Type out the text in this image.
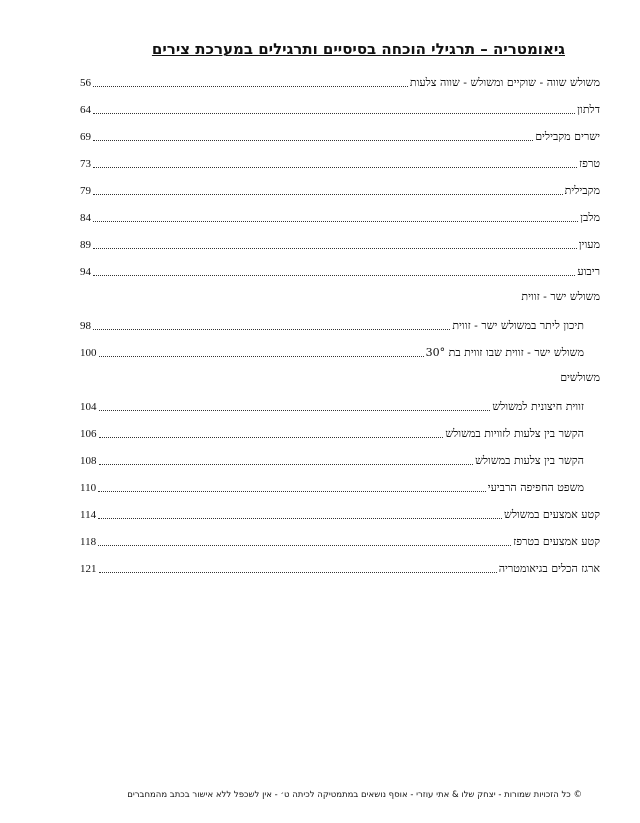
גיאומטריה – תרגילי הוכחה בסיסיים ותרגילים במערכת צירים
משולש שווה - שוקיים ומשולש - שווה צלעות
56
דלתון
64
ישרים מקבילים
69
טרפז
73
מקבילית
79
מלבן
84
מעוין
89
ריבוע
94
משולש ישר - זווית
תיכון ליתר במשולש ישר - זווית
98
משולש ישר - זווית שבו זווית בת 30°
100
משולשים
זווית חיצונית למשולש
104
הקשר בין צלעות לזוויות במשולש
106
הקשר בין צלעות במשולש
108
משפט החפיפה הרביעי
110
קטע אמצעים במשולש
114
קטע אמצעים בטרפז
118
ארגז הכלים בגיאומטריה
121
© כל הזכויות שמורות - יצחק שלו & אתי עוזרי - אוסף נושאים במתמטיקה לכיתה ט׳ - אין לשכפל ללא אישור בכתב מהמחברים
